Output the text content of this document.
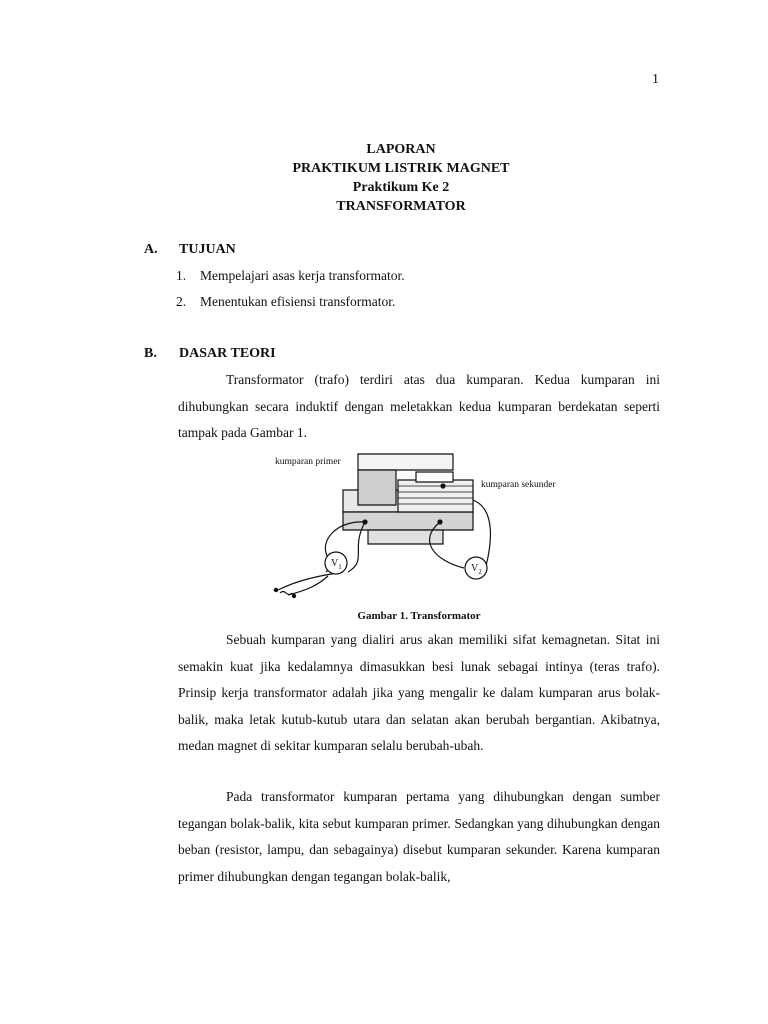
1
LAPORAN
PRAKTIKUM LISTRIK MAGNET
Praktikum Ke 2
TRANSFORMATOR
A. TUJUAN
1. Mempelajari asas kerja transformator.
2. Menentukan efisiensi transformator.
B. DASAR TEORI
Transformator (trafo) terdiri atas dua kumparan. Kedua kumparan ini dihubungkan secara induktif dengan meletakkan kedua kumparan berdekatan seperti tampak pada Gambar 1.
kumparan primer
kumparan sekunder
$V_1$	$V_2$
Gambar 1. Transformator
Sebuah kumparan yang dialiri arus akan memiliki sifat kemagnetan. Sitat ini semakin kuat jika kedalamnya dimasukkan besi lunak sebagai intinya (teras trafo). Prinsip kerja transformator adalah jika yang mengalir ke dalam kumparan arus bolak-balik, maka letak kutub-kutub utara dan selatan akan berubah bergantian. Akibatnya, medan magnet di sekitar kumparan selalu berubah-ubah.
Pada transformator kumparan pertama yang dihubungkan dengan sumber tegangan bolak-balik, kita sebut kumparan primer. Sedangkan yang dihubungkan dengan beban (resistor, lampu, dan sebagainya) disebut kumparan sekunder. Karena kumparan primer dihubungkan dengan tegangan bolak-balik,
